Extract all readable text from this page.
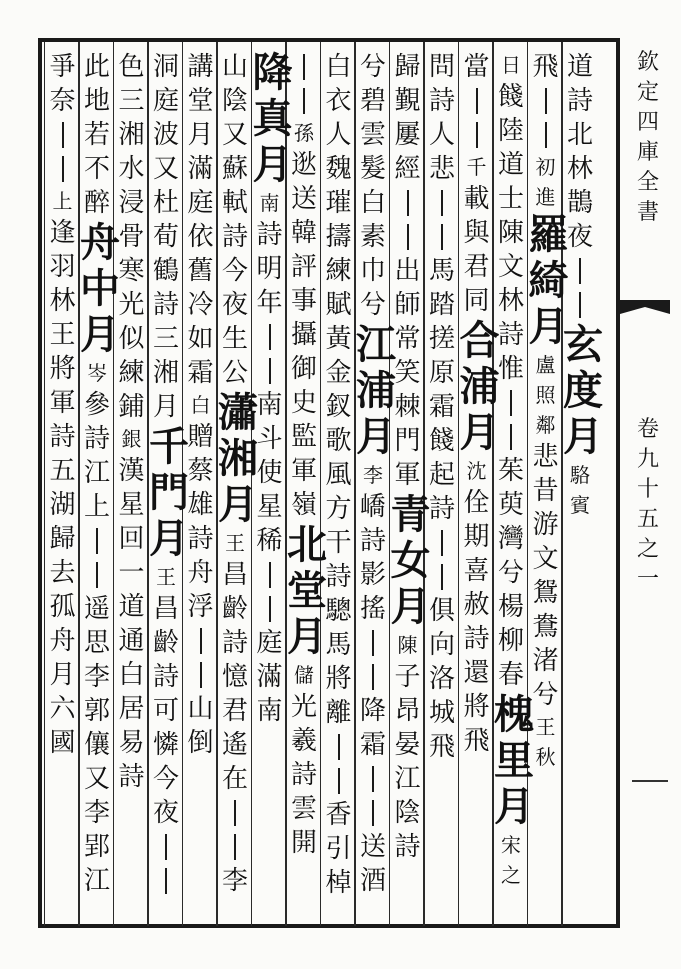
欽
定
四
庫
全
書
卷
九
十
五
之
一
道
詩
北
林
鵲
夜
玄
度
月
駱
賓
飛
初
進
羅
綺
月
盧
照
鄰
悲
昔
游
文
鴛
鴦
渚
兮
王
秋
日
餞
陸
道
士
陳
文
林
詩
惟
茱
萸
灣
兮
楊
柳
春
槐
里
月
宋
之
當
千
載
與
君
同
合
浦
月
沈
佺
期
喜
赦
詩
還
將
飛
問
詩
人
悲
馬
踏
搓
原
霜
餞
起
詩
俱
向
洛
城
飛
歸
覲
屢
經
出
師
常
笑
棘
門
軍
青
女
月
陳
子
昂
晏
江
陰
詩
兮
碧
雲
髮
白
素
巾
兮
江
浦
月
李
嶠
詩
影
搖
降
霜
送
酒
白
衣
人
魏
璀
擣
練
賦
黃
金
釵
歌
風
方
干
詩
驄
馬
將
離
香
引
棹
孫
逖
送
韓
評
事
攝
御
史
監
軍
嶺
北
堂
月
儲
光
羲
詩
雲
開
降
真
月
南
詩
明
年
南
斗
使
星
稀
庭
滿
南
山
陰
又
蘇
軾
詩
今
夜
生
公
瀟
湘
月
王
昌
齡
詩
憶
君
遙
在
李
講
堂
月
滿
庭
依
舊
冷
如
霜
白
贈
蔡
雄
詩
舟
浮
山
倒
洞
庭
波
又
杜
荀
鶴
詩
三
湘
月
千
門
月
王
昌
齡
詩
可
憐
今
夜
色
三
湘
水
浸
骨
寒
光
似
練
鋪
銀
漢
星
回
一
道
通
白
居
易
詩
此
地
若
不
醉
舟
中
月
岑
參
詩
江
上
遥
思
李
郭
儴
又
李
郢
江
爭
奈
上
逢
羽
林
王
將
軍
詩
五
湖
歸
去
孤
舟
月
六
國
